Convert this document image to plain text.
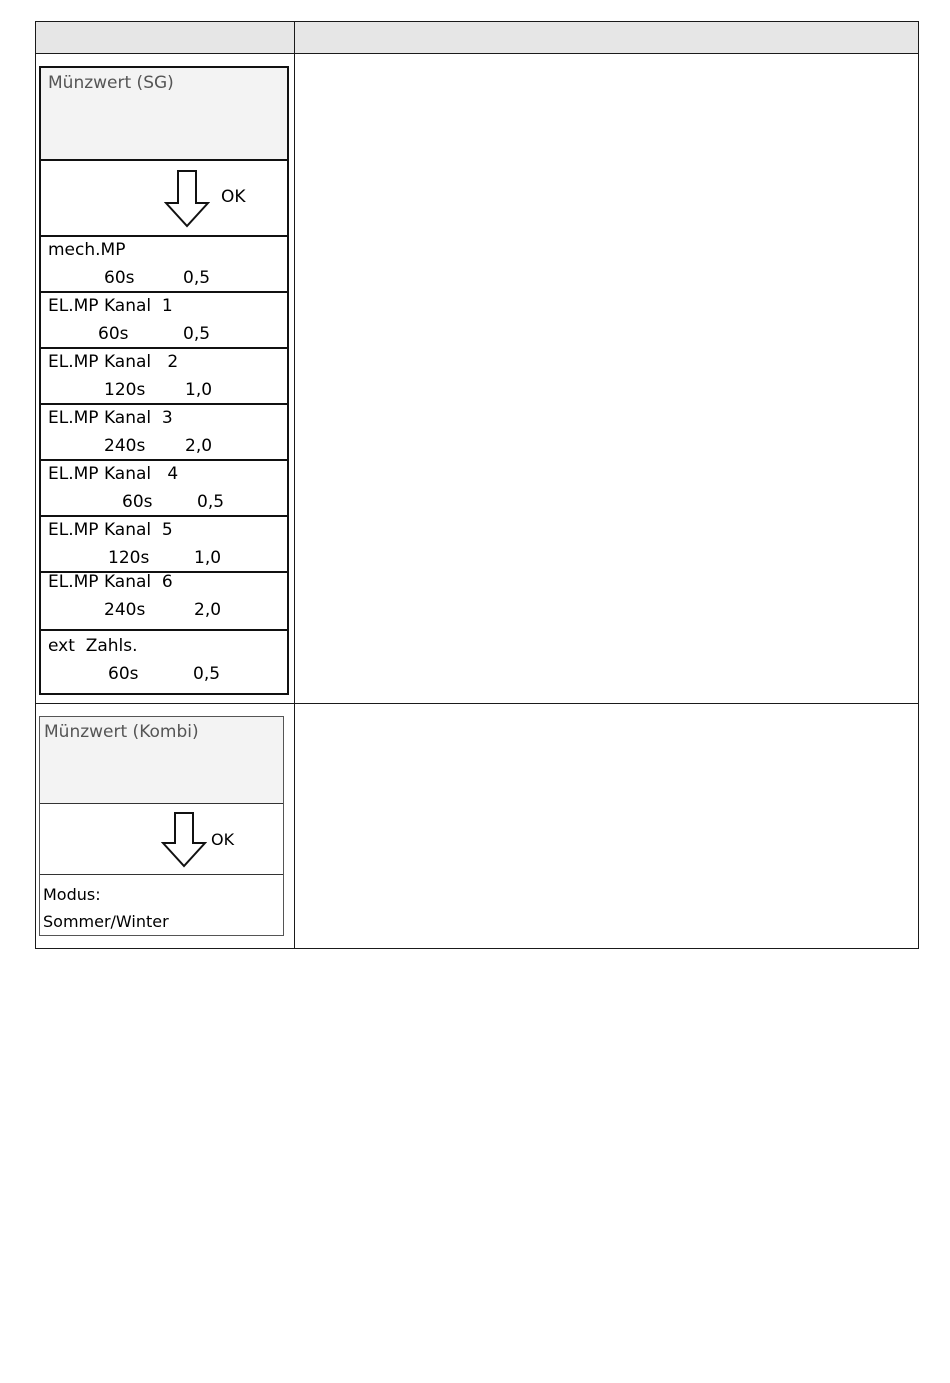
Münzwert (SG)
OK
mech.MP
60s	0,5
EL.MP Kanal  1
60s	0,5
EL.MP Kanal   2
120s 1,0
EL.MP Kanal  3
240s 2,0
EL.MP Kanal   4
60s	0,5
EL.MP Kanal  5
120s	1,0
EL.MP Kanal  6
240s	2,0
ext  Zahls.
60s	0,5
Münzwert (Kombi)
OK
Modus:
Sommer/Winter
